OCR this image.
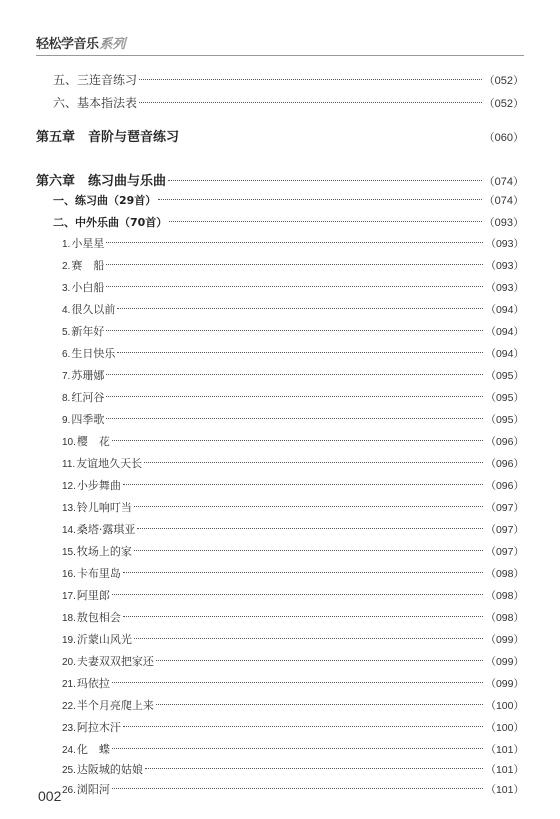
轻松学音乐 系列
五、三连音练习	（052）
六、基本指法表	（052）
第五章　音阶与琶音练习	（060）
第六章　练习曲与乐曲	（074）
一、练习曲（29首）	（074）
二、中外乐曲（70首）	（093）
1.小星星	（093）
2.赛　船	（093）
3.小白船	（093）
4.很久以前	（094）
5.新年好	（094）
6.生日快乐	（094）
7.苏珊娜	（095）
8.红河谷	（095）
9.四季歌	（095）
10.樱　花	（096）
11.友谊地久天长	（096）
12.小步舞曲	（096）
13.铃儿响叮当	（097）
14.桑塔·露琪亚	（097）
15.牧场上的家	（097）
16.卡布里岛	（098）
17.阿里郎	（098）
18.敖包相会	（098）
19.沂蒙山风光	（099）
20.夫妻双双把家还	（099）
21.玛依拉	（099）
22.半个月亮爬上来	（100）
23.阿拉木汗	（100）
24.化　蝶	（101）
25.达阪城的姑娘	（101）
26.浏阳河	（101）
002
